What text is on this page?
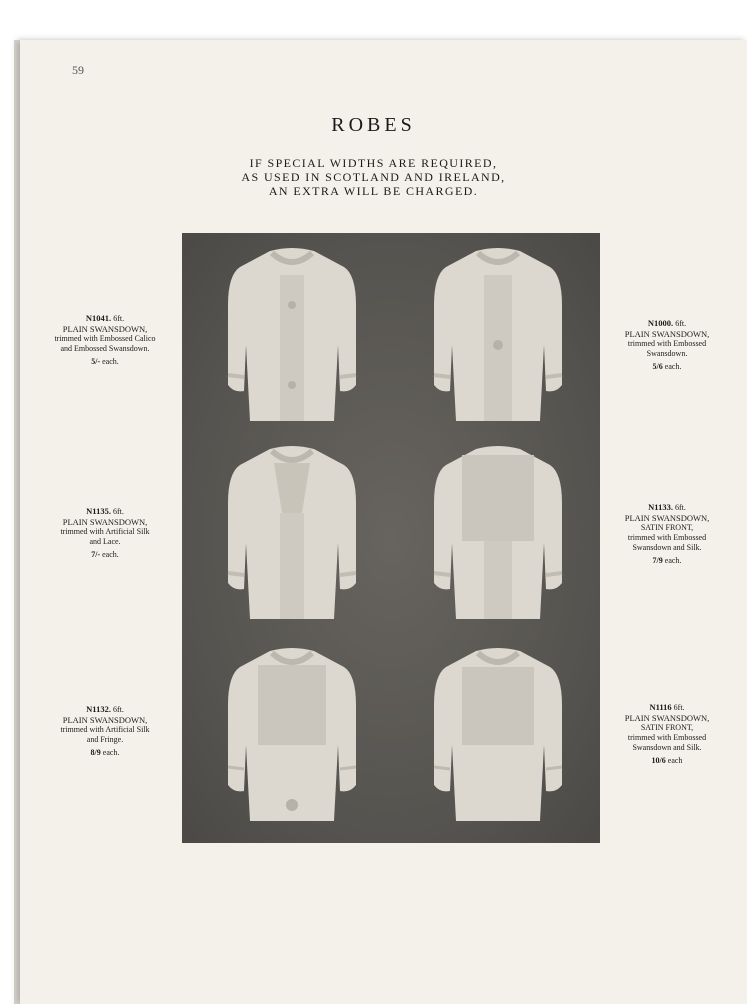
59
ROBES
IF SPECIAL WIDTHS ARE REQUIRED,
AS USED IN SCOTLAND AND IRELAND,
AN EXTRA WILL BE CHARGED.
N1041. 6ft.
PLAIN SWANSDOWN,
trimmed with Embossed Calico
and Embossed Swansdown.
5/- each.
N1135. 6ft.
PLAIN SWANSDOWN,
trimmed with Artificial Silk
and Lace.
7/- each.
N1132. 6ft.
PLAIN SWANSDOWN,
trimmed with Artificial Silk
and Fringe.
8/9 each.
N1000. 6ft.
PLAIN SWANSDOWN,
trimmed with Embossed
Swansdown.
5/6 each.
N1133. 6ft.
PLAIN SWANSDOWN,
SATIN FRONT,
trimmed with Embossed
Swansdown and Silk.
7/9 each.
N1116 6ft.
PLAIN SWANSDOWN,
SATIN FRONT,
trimmed with Embossed
Swansdown and Silk.
10/6 each
